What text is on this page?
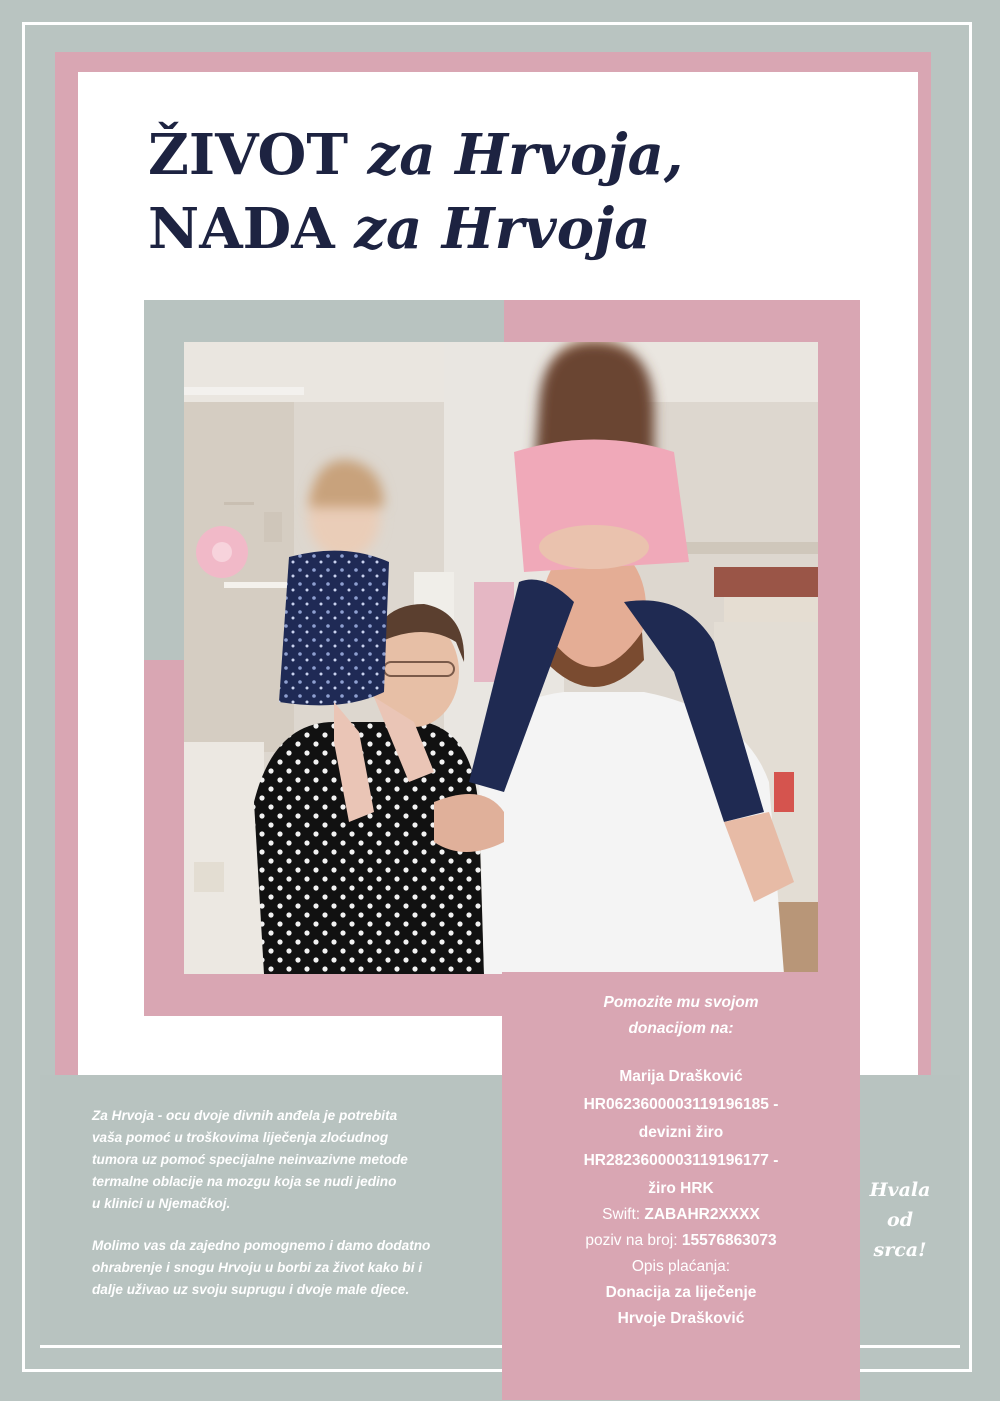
ŽIVOT za Hrvoja,
NADA za Hrvoja
Pomozite mu svojom
donacijom na:
Marija Drašković
HR0623600003119196185 -
devizni žiro
HR2823600003119196177 -
žiro HRK
Swift: ZABAHR2XXXX
poziv na broj: 15576863073
Opis plaćanja:
Donacija za liječenje
Hrvoje Drašković

Za Hrvoja - ocu dvoje divnih anđela je potrebita
vaša pomoć u troškovima liječenja zloćudnog
tumora uz pomoć specijalne neinvazivne metode
termalne oblacije na mozgu koja se nudi jedino
u klinici u Njemačkoj.

Molimo vas da zajedno pomognemo i damo dodatno
ohrabrenje i snogu Hrvoju u borbi za život kako bi i
dalje uživao uz svoju suprugu i dvoje male djece.

Hvala
od
srca!
